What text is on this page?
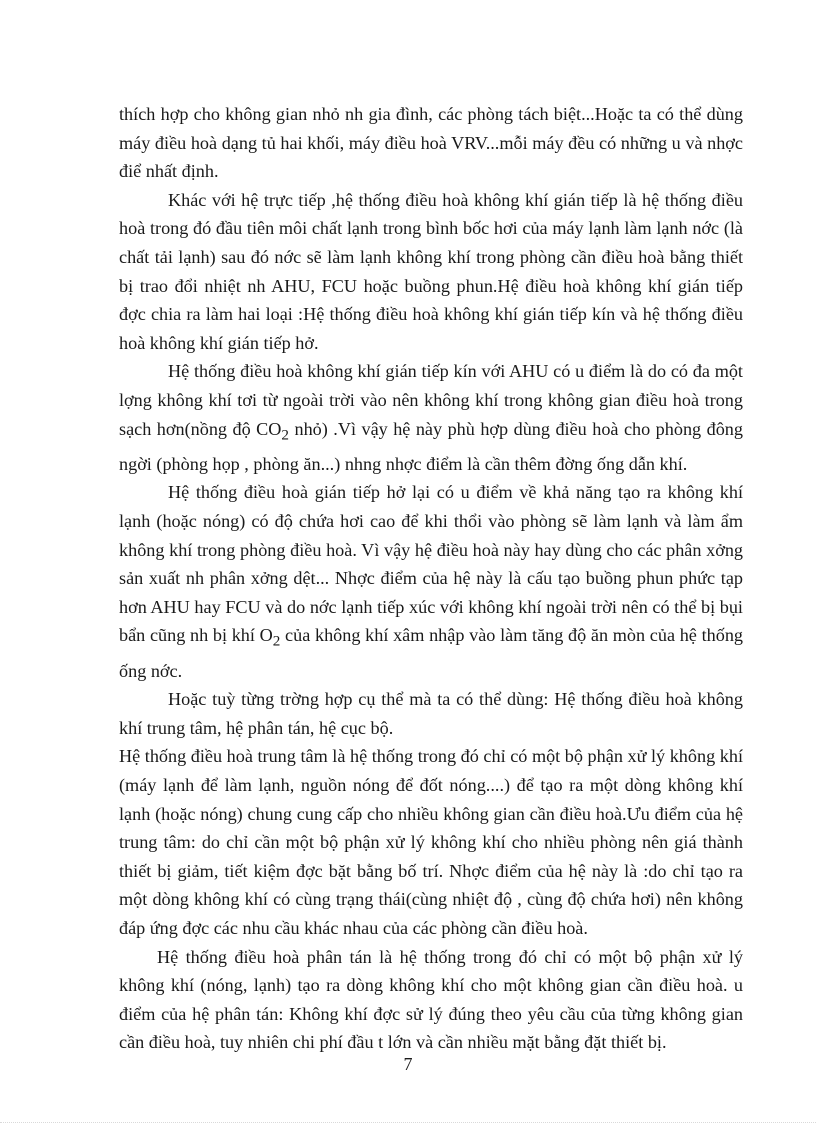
thích hợp cho không gian nhỏ nh gia đình, các phòng tách biệt...Hoặc ta có thể dùng máy điều hoà dạng tủ hai khối, máy điều hoà VRV...mỗi máy đều có những u và nhợc điể nhất định.

Khác với hệ trực tiếp ,hệ thống điều hoà không khí gián tiếp là hệ thống điều hoà trong đó đầu tiên môi chất lạnh trong bình bốc hơi của máy lạnh làm lạnh nớc (là chất tải lạnh) sau đó nớc sẽ làm lạnh không khí trong phòng cần điều hoà bằng thiết bị trao đổi nhiệt nh AHU, FCU hoặc buồng phun.Hệ điều hoà không khí gián tiếp đợc chia ra làm hai loại :Hệ thống điều hoà không khí gián tiếp kín và hệ thống điều hoà không khí gián tiếp hở.

Hệ thống điều hoà không khí gián tiếp kín với AHU có u điểm là do có đa một lợng không khí tơi từ ngoài trời vào nên không khí trong không gian điều hoà trong sạch hơn(nồng độ $CO_2$ nhỏ) .Vì vậy hệ này phù hợp dùng điều hoà cho phòng đông ngời (phòng họp , phòng ăn...) nhng nhợc điểm là cần thêm đờng ống dẫn khí.

Hệ thống điều hoà gián tiếp hở lại có u điểm về khả năng tạo ra không khí lạnh (hoặc nóng) có độ chứa hơi cao để khi thổi vào phòng sẽ làm lạnh và làm ẩm không khí trong phòng điều hoà. Vì vậy hệ điều hoà này hay dùng cho các phân xởng sản xuất nh phân xởng dệt... Nhợc điểm của hệ này là cấu tạo buồng phun phức tạp hơn AHU hay FCU và do nớc lạnh tiếp xúc với không khí ngoài trời nên có thể bị bụi bẩn cũng nh bị khí $O_2$ của không khí xâm nhập vào làm tăng độ ăn mòn của hệ thống ống nớc.

Hoặc tuỳ từng trờng hợp cụ thể mà ta có thể dùng: Hệ thống điều hoà không khí trung tâm, hệ phân tán, hệ cục bộ.

Hệ thống điều hoà trung tâm là hệ thống trong đó chỉ có một bộ phận xử lý không khí (máy lạnh để làm lạnh, nguồn nóng để đốt nóng....) để tạo ra một dòng không khí lạnh (hoặc nóng) chung cung cấp cho nhiều không gian cần điều hoà.Ưu điểm của hệ trung tâm: do chỉ cần một bộ phận xử lý không khí cho nhiều phòng nên giá thành thiết bị giảm, tiết kiệm đợc bặt bằng bố trí. Nhợc điểm của hệ này là :do chỉ tạo ra một dòng không khí có cùng trạng thái(cùng nhiệt độ , cùng độ chứa hơi) nên không đáp ứng đợc các nhu cầu khác nhau của các phòng cần điều hoà.

Hệ thống điều hoà phân tán là hệ thống trong đó chỉ có một bộ phận xử lý không khí (nóng, lạnh) tạo ra dòng không khí cho một không gian cần điều hoà. u điểm của hệ phân tán: Không khí đợc sử lý đúng theo yêu cầu của từng không gian cần điều hoà, tuy nhiên chi phí đầu t lớn và cần nhiều mặt bằng đặt thiết bị.

7
